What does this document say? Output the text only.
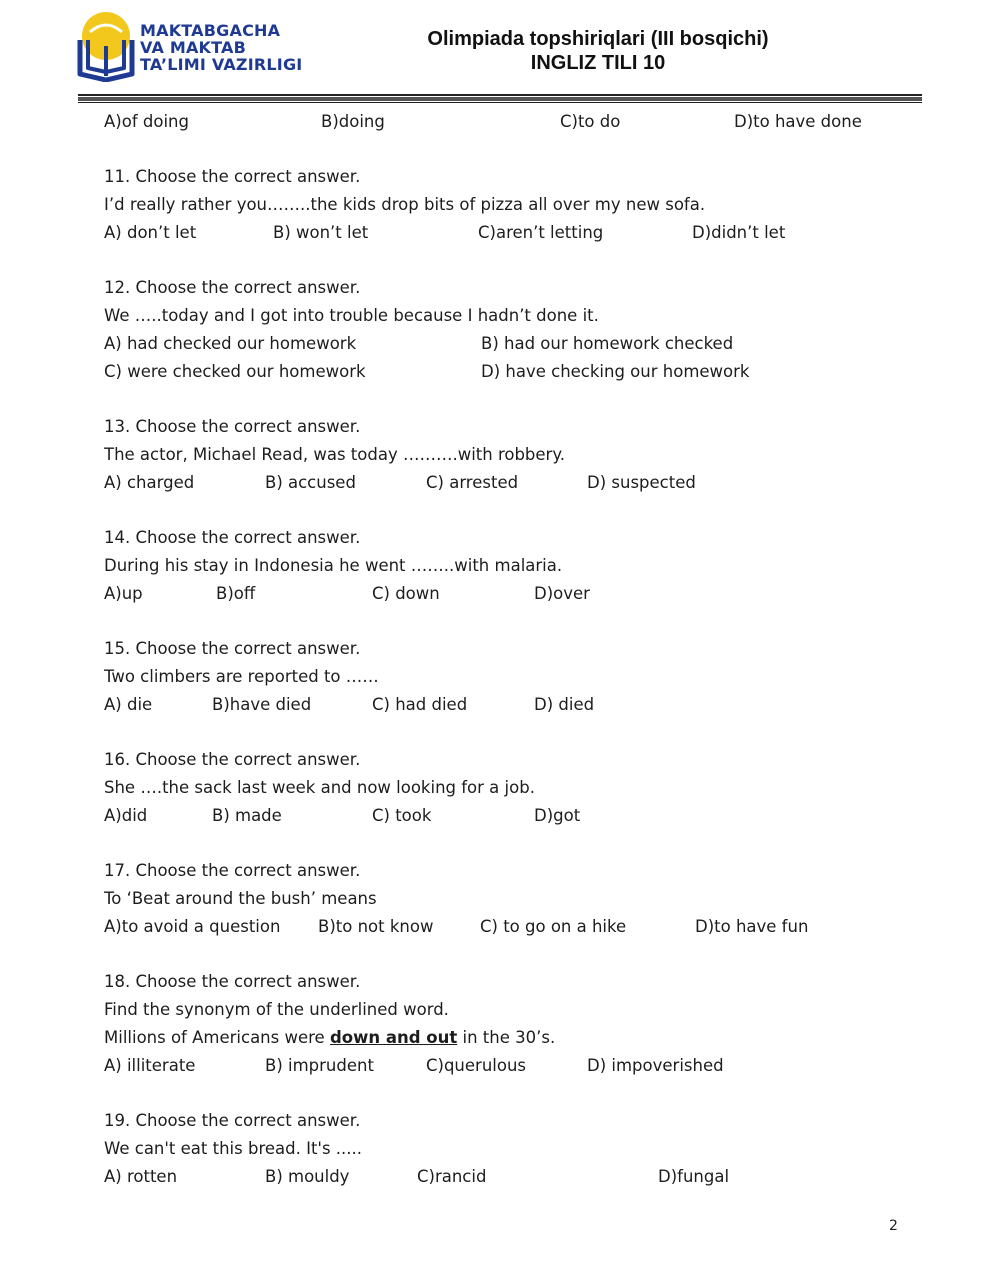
MAKTABGACHA
VA MAKTAB
TA’LIMI VAZIRLIGI
Olimpiada topshiriqlari (III bosqichi)
INGLIZ TILI 10
A)of doing	B)doing	C)to do	D)to have done
11. Choose the correct answer.
I’d really rather you……..the kids drop bits of pizza all over my new sofa.
A) don’t let	B) won’t let	C)aren’t letting	D)didn’t let
12. Choose the correct answer.
We …..today and I got into trouble because I hadn’t done it.
A) had checked our homework	B) had our homework checked
C) were checked our homework	D) have checking our homework
13. Choose the correct answer.
The actor, Michael Read, was today ……….with robbery.
A) charged	B) accused	C) arrested	D) suspected
14. Choose the correct answer.
During his stay in Indonesia he went ……..with malaria.
A)up	B)off	C) down	D)over
15. Choose the correct answer.
Two climbers are reported to ……
A) die	B)have died	C) had died	D) died
16. Choose the correct answer.
She ….the sack last week and now looking for a job.
A)did	B) made	C) took	D)got
17. Choose the correct answer.
To ‘Beat around the bush’ means
A)to avoid a question B)to not know	C) to go on a hike	D)to have fun
18. Choose the correct answer.
Find the synonym of the underlined word.
Millions of Americans were down and out in the 30’s.
A) illiterate	B) imprudent	C)querulous	D) impoverished
19. Choose the correct answer.
We can't eat this bread. It's .....
A) rotten	B) mouldy	C)rancid	D)fungal
2
